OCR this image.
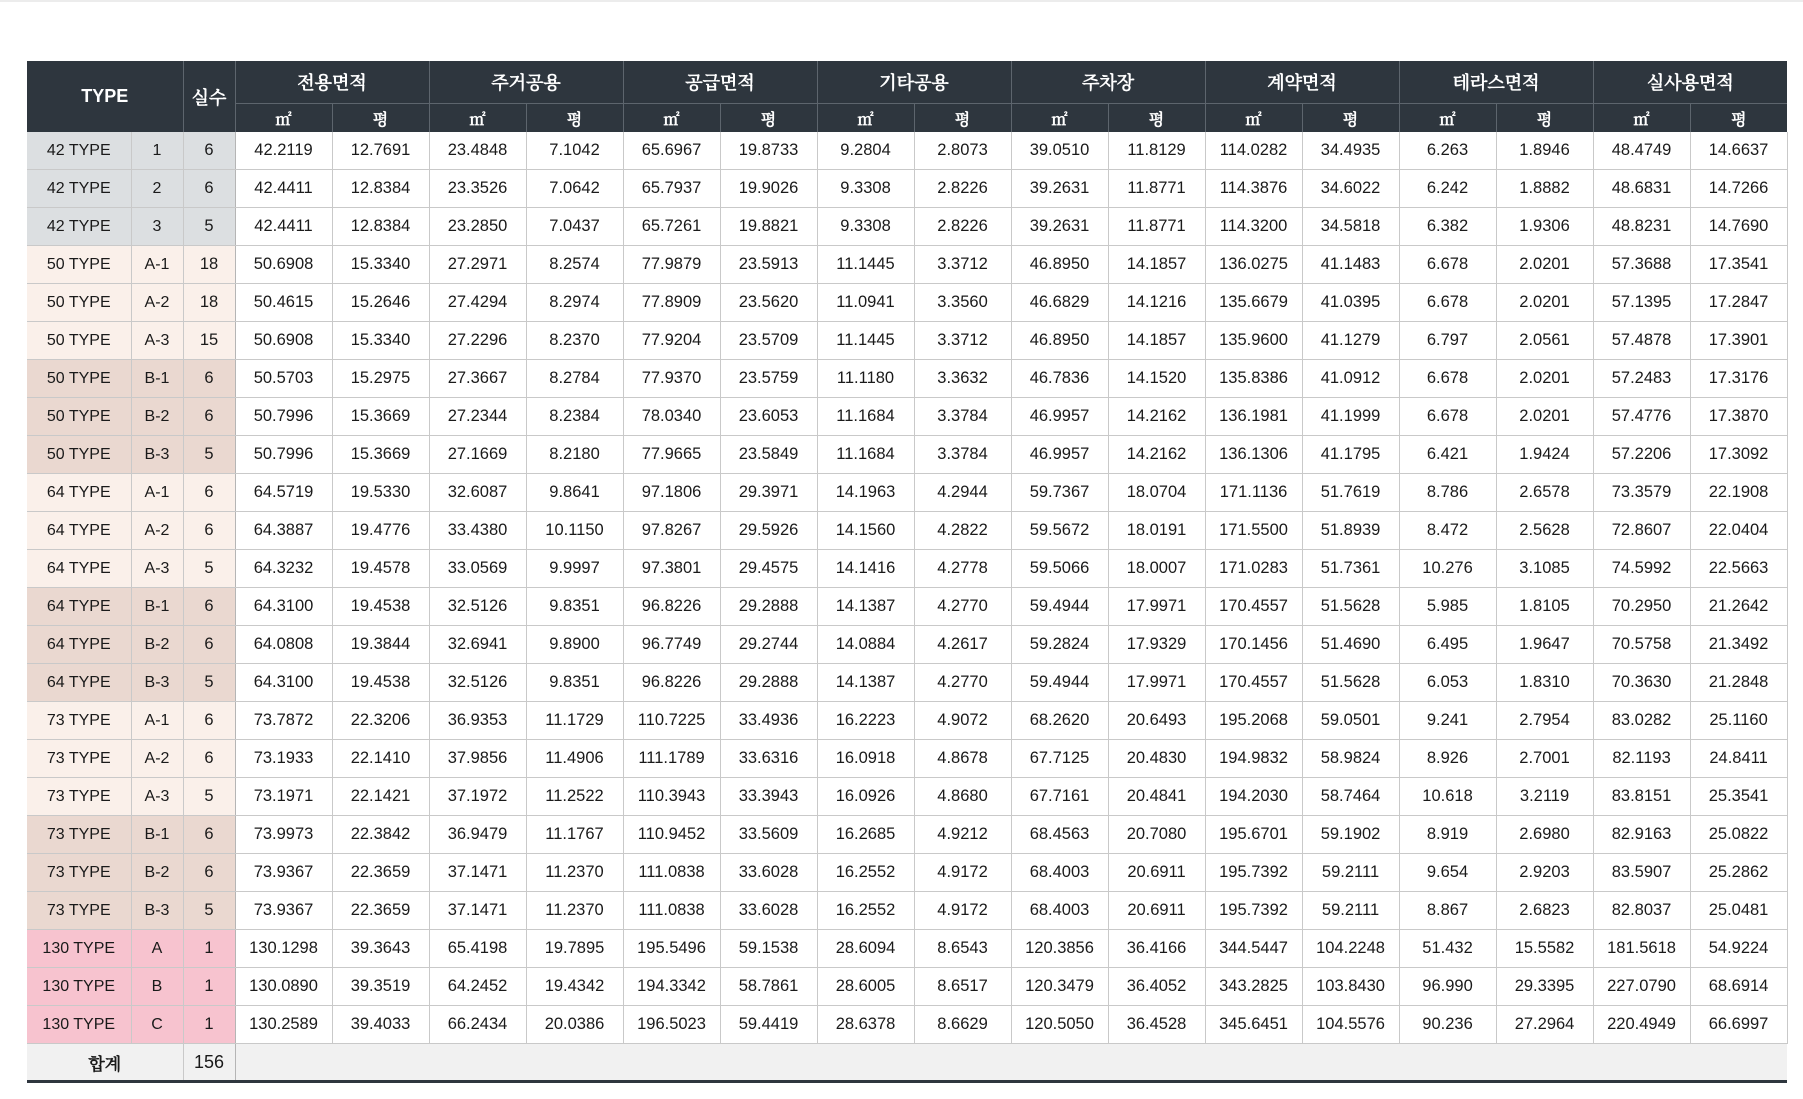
TYPE		실수	전용면적		주거공용		공급면적		기타공용		주차장		계약면적		테라스면적		실사용면적	
			㎡	평	㎡	평	㎡	평	㎡	평	㎡	평	㎡	평	㎡	평	㎡	평
42 TYPE	1	6	42.2119	12.7691	23.4848	7.1042	65.6967	19.8733	9.2804	2.8073	39.0510	11.8129	114.0282	34.4935	6.263	1.8946	48.4749	14.6637
42 TYPE	2	6	42.4411	12.8384	23.3526	7.0642	65.7937	19.9026	9.3308	2.8226	39.2631	11.8771	114.3876	34.6022	6.242	1.8882	48.6831	14.7266
42 TYPE	3	5	42.4411	12.8384	23.2850	7.0437	65.7261	19.8821	9.3308	2.8226	39.2631	11.8771	114.3200	34.5818	6.382	1.9306	48.8231	14.7690
50 TYPE	A-1	18	50.6908	15.3340	27.2971	8.2574	77.9879	23.5913	11.1445	3.3712	46.8950	14.1857	136.0275	41.1483	6.678	2.0201	57.3688	17.3541
50 TYPE	A-2	18	50.4615	15.2646	27.4294	8.2974	77.8909	23.5620	11.0941	3.3560	46.6829	14.1216	135.6679	41.0395	6.678	2.0201	57.1395	17.2847
50 TYPE	A-3	15	50.6908	15.3340	27.2296	8.2370	77.9204	23.5709	11.1445	3.3712	46.8950	14.1857	135.9600	41.1279	6.797	2.0561	57.4878	17.3901
50 TYPE	B-1	6	50.5703	15.2975	27.3667	8.2784	77.9370	23.5759	11.1180	3.3632	46.7836	14.1520	135.8386	41.0912	6.678	2.0201	57.2483	17.3176
50 TYPE	B-2	6	50.7996	15.3669	27.2344	8.2384	78.0340	23.6053	11.1684	3.3784	46.9957	14.2162	136.1981	41.1999	6.678	2.0201	57.4776	17.3870
50 TYPE	B-3	5	50.7996	15.3669	27.1669	8.2180	77.9665	23.5849	11.1684	3.3784	46.9957	14.2162	136.1306	41.1795	6.421	1.9424	57.2206	17.3092
64 TYPE	A-1	6	64.5719	19.5330	32.6087	9.8641	97.1806	29.3971	14.1963	4.2944	59.7367	18.0704	171.1136	51.7619	8.786	2.6578	73.3579	22.1908
64 TYPE	A-2	6	64.3887	19.4776	33.4380	10.1150	97.8267	29.5926	14.1560	4.2822	59.5672	18.0191	171.5500	51.8939	8.472	2.5628	72.8607	22.0404
64 TYPE	A-3	5	64.3232	19.4578	33.0569	9.9997	97.3801	29.4575	14.1416	4.2778	59.5066	18.0007	171.0283	51.7361	10.276	3.1085	74.5992	22.5663
64 TYPE	B-1	6	64.3100	19.4538	32.5126	9.8351	96.8226	29.2888	14.1387	4.2770	59.4944	17.9971	170.4557	51.5628	5.985	1.8105	70.2950	21.2642
64 TYPE	B-2	6	64.0808	19.3844	32.6941	9.8900	96.7749	29.2744	14.0884	4.2617	59.2824	17.9329	170.1456	51.4690	6.495	1.9647	70.5758	21.3492
64 TYPE	B-3	5	64.3100	19.4538	32.5126	9.8351	96.8226	29.2888	14.1387	4.2770	59.4944	17.9971	170.4557	51.5628	6.053	1.8310	70.3630	21.2848
73 TYPE	A-1	6	73.7872	22.3206	36.9353	11.1729	110.7225	33.4936	16.2223	4.9072	68.2620	20.6493	195.2068	59.0501	9.241	2.7954	83.0282	25.1160
73 TYPE	A-2	6	73.1933	22.1410	37.9856	11.4906	111.1789	33.6316	16.0918	4.8678	67.7125	20.4830	194.9832	58.9824	8.926	2.7001	82.1193	24.8411
73 TYPE	A-3	5	73.1971	22.1421	37.1972	11.2522	110.3943	33.3943	16.0926	4.8680	67.7161	20.4841	194.2030	58.7464	10.618	3.2119	83.8151	25.3541
73 TYPE	B-1	6	73.9973	22.3842	36.9479	11.1767	110.9452	33.5609	16.2685	4.9212	68.4563	20.7080	195.6701	59.1902	8.919	2.6980	82.9163	25.0822
73 TYPE	B-2	6	73.9367	22.3659	37.1471	11.2370	111.0838	33.6028	16.2552	4.9172	68.4003	20.6911	195.7392	59.2111	9.654	2.9203	83.5907	25.2862
73 TYPE	B-3	5	73.9367	22.3659	37.1471	11.2370	111.0838	33.6028	16.2552	4.9172	68.4003	20.6911	195.7392	59.2111	8.867	2.6823	82.8037	25.0481
130 TYPE	A	1	130.1298	39.3643	65.4198	19.7895	195.5496	59.1538	28.6094	8.6543	120.3856	36.4166	344.5447	104.2248	51.432	15.5582	181.5618	54.9224
130 TYPE	B	1	130.0890	39.3519	64.2452	19.4342	194.3342	58.7861	28.6005	8.6517	120.3479	36.4052	343.2825	103.8430	96.990	29.3395	227.0790	68.6914
130 TYPE	C	1	130.2589	39.4033	66.2434	20.0386	196.5023	59.4419	28.6378	8.6629	120.5050	36.4528	345.6451	104.5576	90.236	27.2964	220.4949	66.6997
합계		156																
